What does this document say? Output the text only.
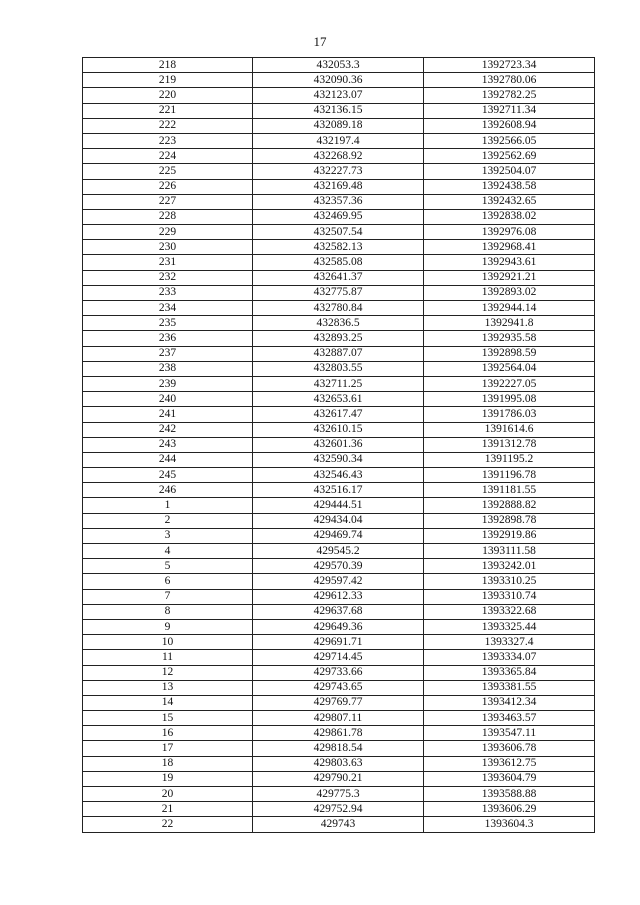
17
218	432053.3	1392723.34
219	432090.36	1392780.06
220	432123.07	1392782.25
221	432136.15	1392711.34
222	432089.18	1392608.94
223	432197.4	1392566.05
224	432268.92	1392562.69
225	432227.73	1392504.07
226	432169.48	1392438.58
227	432357.36	1392432.65
228	432469.95	1392838.02
229	432507.54	1392976.08
230	432582.13	1392968.41
231	432585.08	1392943.61
232	432641.37	1392921.21
233	432775.87	1392893.02
234	432780.84	1392944.14
235	432836.5	1392941.8
236	432893.25	1392935.58
237	432887.07	1392898.59
238	432803.55	1392564.04
239	432711.25	1392227.05
240	432653.61	1391995.08
241	432617.47	1391786.03
242	432610.15	1391614.6
243	432601.36	1391312.78
244	432590.34	1391195.2
245	432546.43	1391196.78
246	432516.17	1391181.55
1	429444.51	1392888.82
2	429434.04	1392898.78
3	429469.74	1392919.86
4	429545.2	1393111.58
5	429570.39	1393242.01
6	429597.42	1393310.25
7	429612.33	1393310.74
8	429637.68	1393322.68
9	429649.36	1393325.44
10	429691.71	1393327.4
11	429714.45	1393334.07
12	429733.66	1393365.84
13	429743.65	1393381.55
14	429769.77	1393412.34
15	429807.11	1393463.57
16	429861.78	1393547.11
17	429818.54	1393606.78
18	429803.63	1393612.75
19	429790.21	1393604.79
20	429775.3	1393588.88
21	429752.94	1393606.29
22	429743	1393604.3
